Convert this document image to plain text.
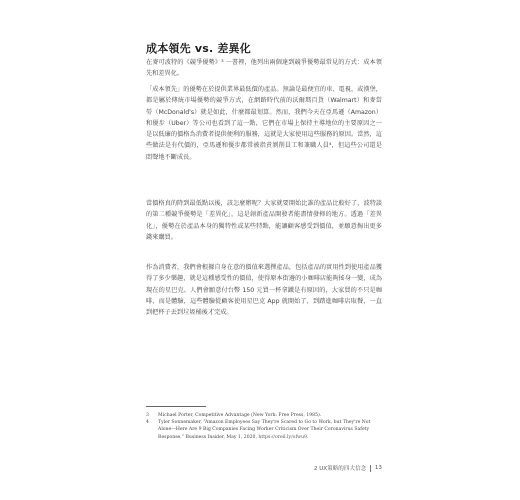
成本領先 vs. 差異化

在麥可波特的《競爭優勢》³ 一書裡，他列出兩個達到競爭優勢最常見的方式：成本領先和差異化。

「成本領先」的優勢在於提供業界最低價的產品。無論是最便宜的車、電視，或漢堡，都是屬於傳統市場優勢的競爭方式，在網路時代前的沃爾瑪百貨（Walmart）和麥當勞（McDonald's）就是如此，什麼都最划算。然而，我們今天在亞馬遜（Amazon）和優步（Uber）等公司也看到了這一點，它們在市場上保持主導地位的主要原因之一是以低廉的價格為消費者提供便利的服務，這就是大家使用這些服務的原因。當然，這些做法是有代價的，亞馬遜和優步都常被指責剝削員工和兼職人員⁴，但這些公司還是悶聲地不斷成長。

當價格真的降到最低點以後，該怎麼辦呢？大家就要開始比誰的產品比較好了，波特談的第二種競爭優勢是「差異化」，這是創新產品開發者能盡情發揮的地方。透過「差異化」，優勢在於產品本身的獨特性或某些特點，能讓顧客感受到價值，並願意掏出更多錢來購買。

作為消費者，我們會根據自身在意的價值來選擇產品，包括產品的實用性到使用產品獲得了多少樂趣，就是這種感受性的價值，使得原本街邊的小咖啡店能夠搖身一變，成為現在的星巴克。人們會願意付台幣 150 元買一杯拿鐵是有原因的，大家買的不只是咖啡，而是體驗，這些體驗從顧客使用星巴克 App 就開始了，到踏進咖啡店取餐，一直到把杯子丟到垃圾桶後才完成。

3	Michael Porter, Competitive Advantage (New York: Free Press, 1985).
4	Tyler Sonnemaker, “Amazon Employees Say They're Scared to Go to Work, but They're Not Alone—Here Are 9 Big Companies Facing Worker Criticism Over Their Coronavirus Safety Response,” Business Insider, May 1, 2020, https://oreil.ly/ofwu9.
2 UX策略的四大信念 13
